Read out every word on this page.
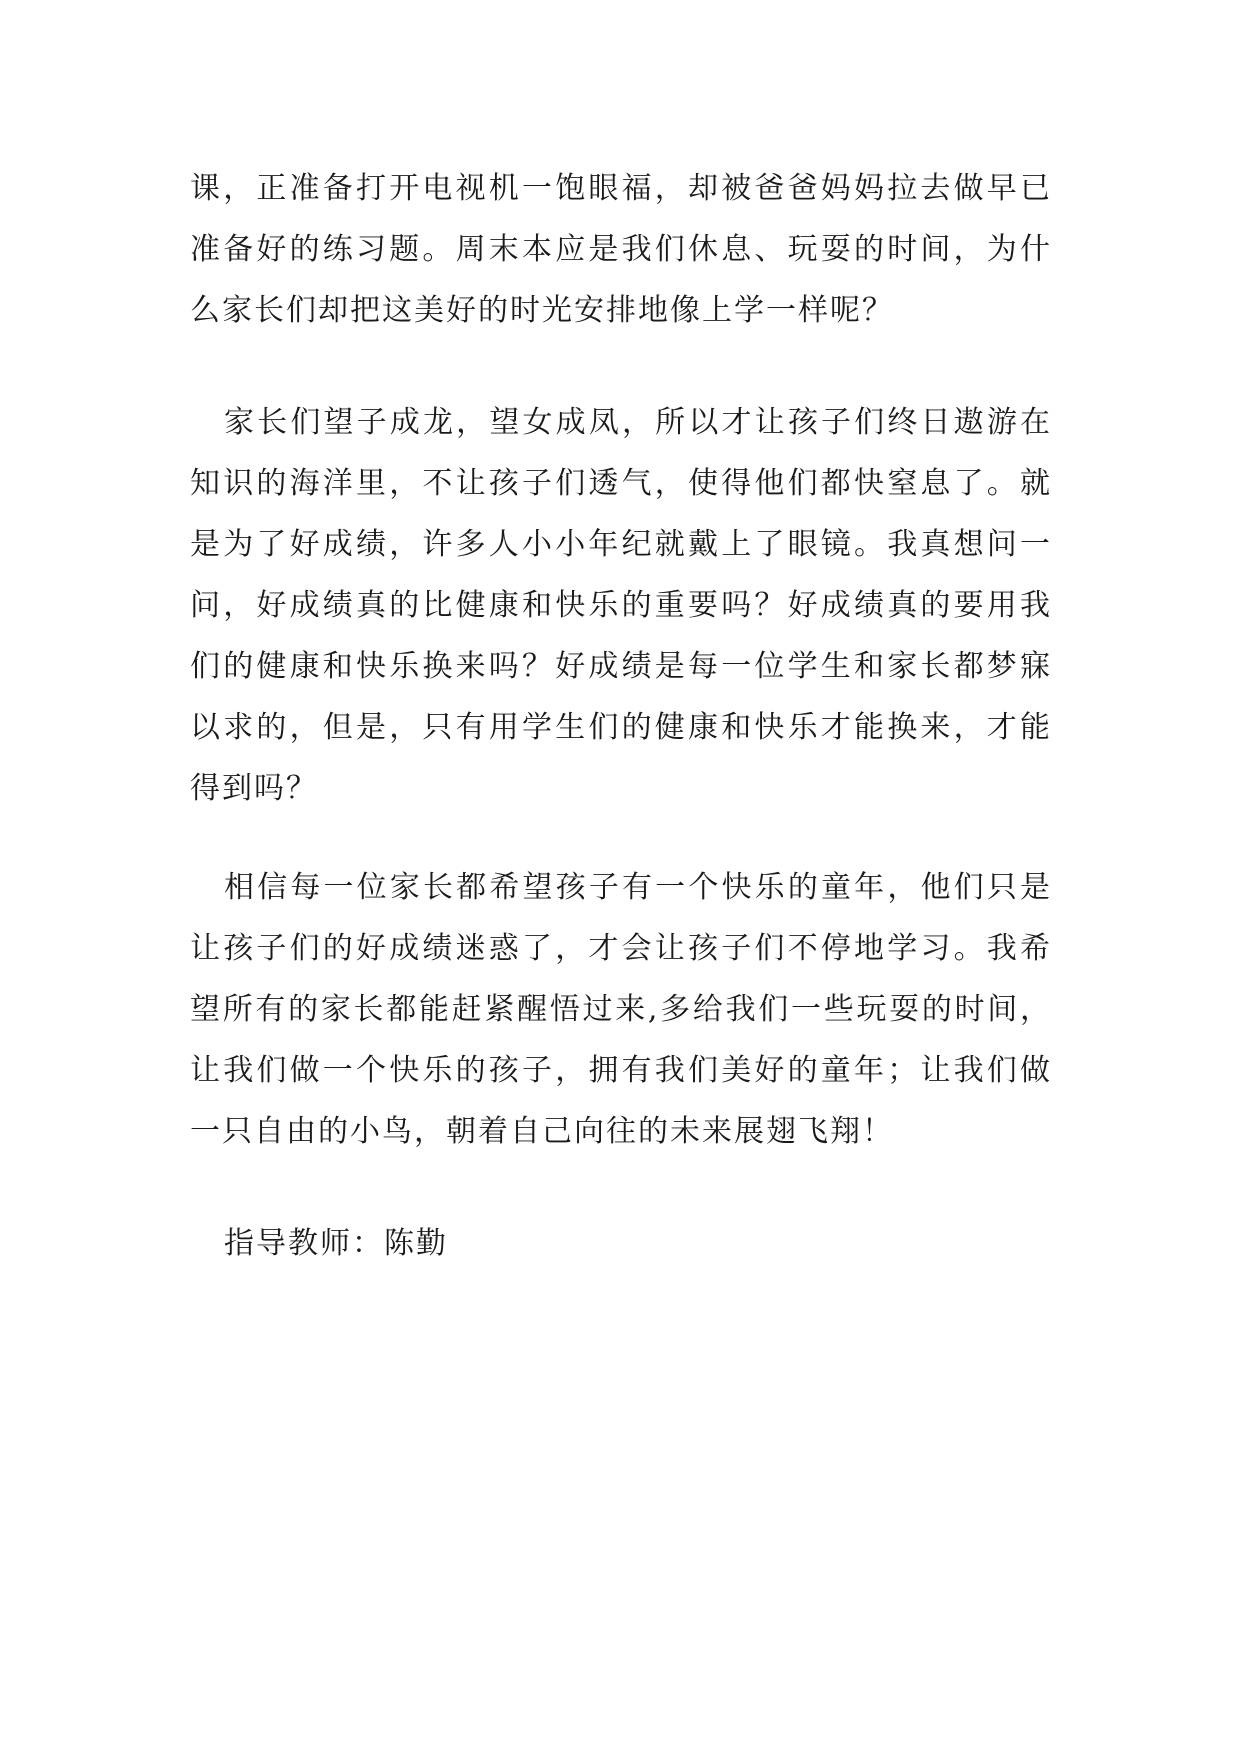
课，正准备打开电视机一饱眼福，却被爸爸妈妈拉去做早已准备好的练习题。周末本应是我们休息、玩耍的时间，为什么家长们却把这美好的时光安排地像上学一样呢？

家长们望子成龙，望女成凤，所以才让孩子们终日遨游在知识的海洋里，不让孩子们透气，使得他们都快窒息了。就是为了好成绩，许多人小小年纪就戴上了眼镜。我真想问一问，好成绩真的比健康和快乐的重要吗？好成绩真的要用我们的健康和快乐换来吗？好成绩是每一位学生和家长都梦寐以求的，但是，只有用学生们的健康和快乐才能换来，才能得到吗？

相信每一位家长都希望孩子有一个快乐的童年，他们只是让孩子们的好成绩迷惑了，才会让孩子们不停地学习。我希望所有的家长都能赶紧醒悟过来,多给我们一些玩耍的时间，让我们做一个快乐的孩子，拥有我们美好的童年；让我们做一只自由的小鸟，朝着自己向往的未来展翅飞翔！

指导教师：陈勤
